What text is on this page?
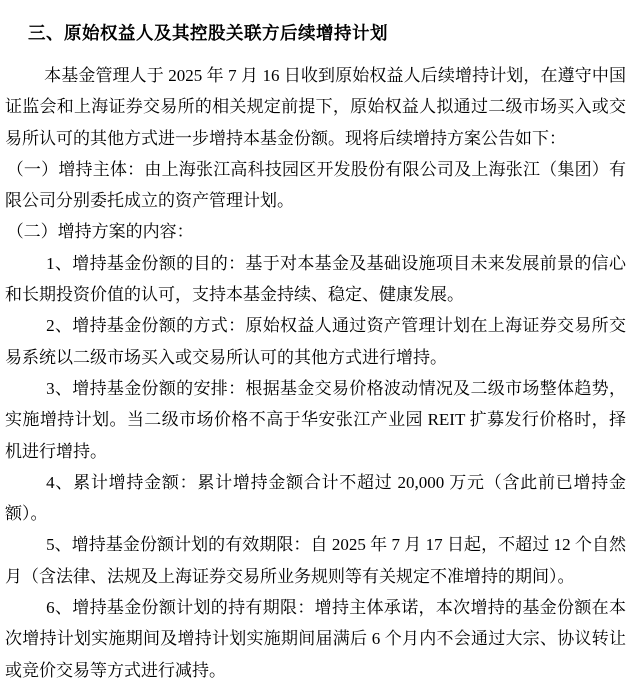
三、原始权益人及其控股关联方后续增持计划

本基金管理人于 2025 年 7 月 16 日收到原始权益人后续增持计划，在遵守中国证监会和上海证券交易所的相关规定前提下，原始权益人拟通过二级市场买入或交易所认可的其他方式进一步增持本基金份额。现将后续增持方案公告如下：

（一）增持主体：由上海张江高科技园区开发股份有限公司及上海张江（集团）有限公司分别委托成立的资产管理计划。

（二）增持方案的内容：

1、增持基金份额的目的：基于对本基金及基础设施项目未来发展前景的信心和长期投资价值的认可，支持本基金持续、稳定、健康发展。

2、增持基金份额的方式：原始权益人通过资产管理计划在上海证券交易所交易系统以二级市场买入或交易所认可的其他方式进行增持。

3、增持基金份额的安排：根据基金交易价格波动情况及二级市场整体趋势，实施增持计划。当二级市场价格不高于华安张江产业园 REIT 扩募发行价格时，择机进行增持。

4、累计增持金额：累计增持金额合计不超过 20,000 万元（含此前已增持金额）。

5、增持基金份额计划的有效期限：自 2025 年 7 月 17 日起，不超过 12 个自然月（含法律、法规及上海证券交易所业务规则等有关规定不准增持的期间）。

6、增持基金份额计划的持有期限：增持主体承诺，本次增持的基金份额在本次增持计划实施期间及增持计划实施期间届满后 6 个月内不会通过大宗、协议转让或竞价交易等方式进行减持。
